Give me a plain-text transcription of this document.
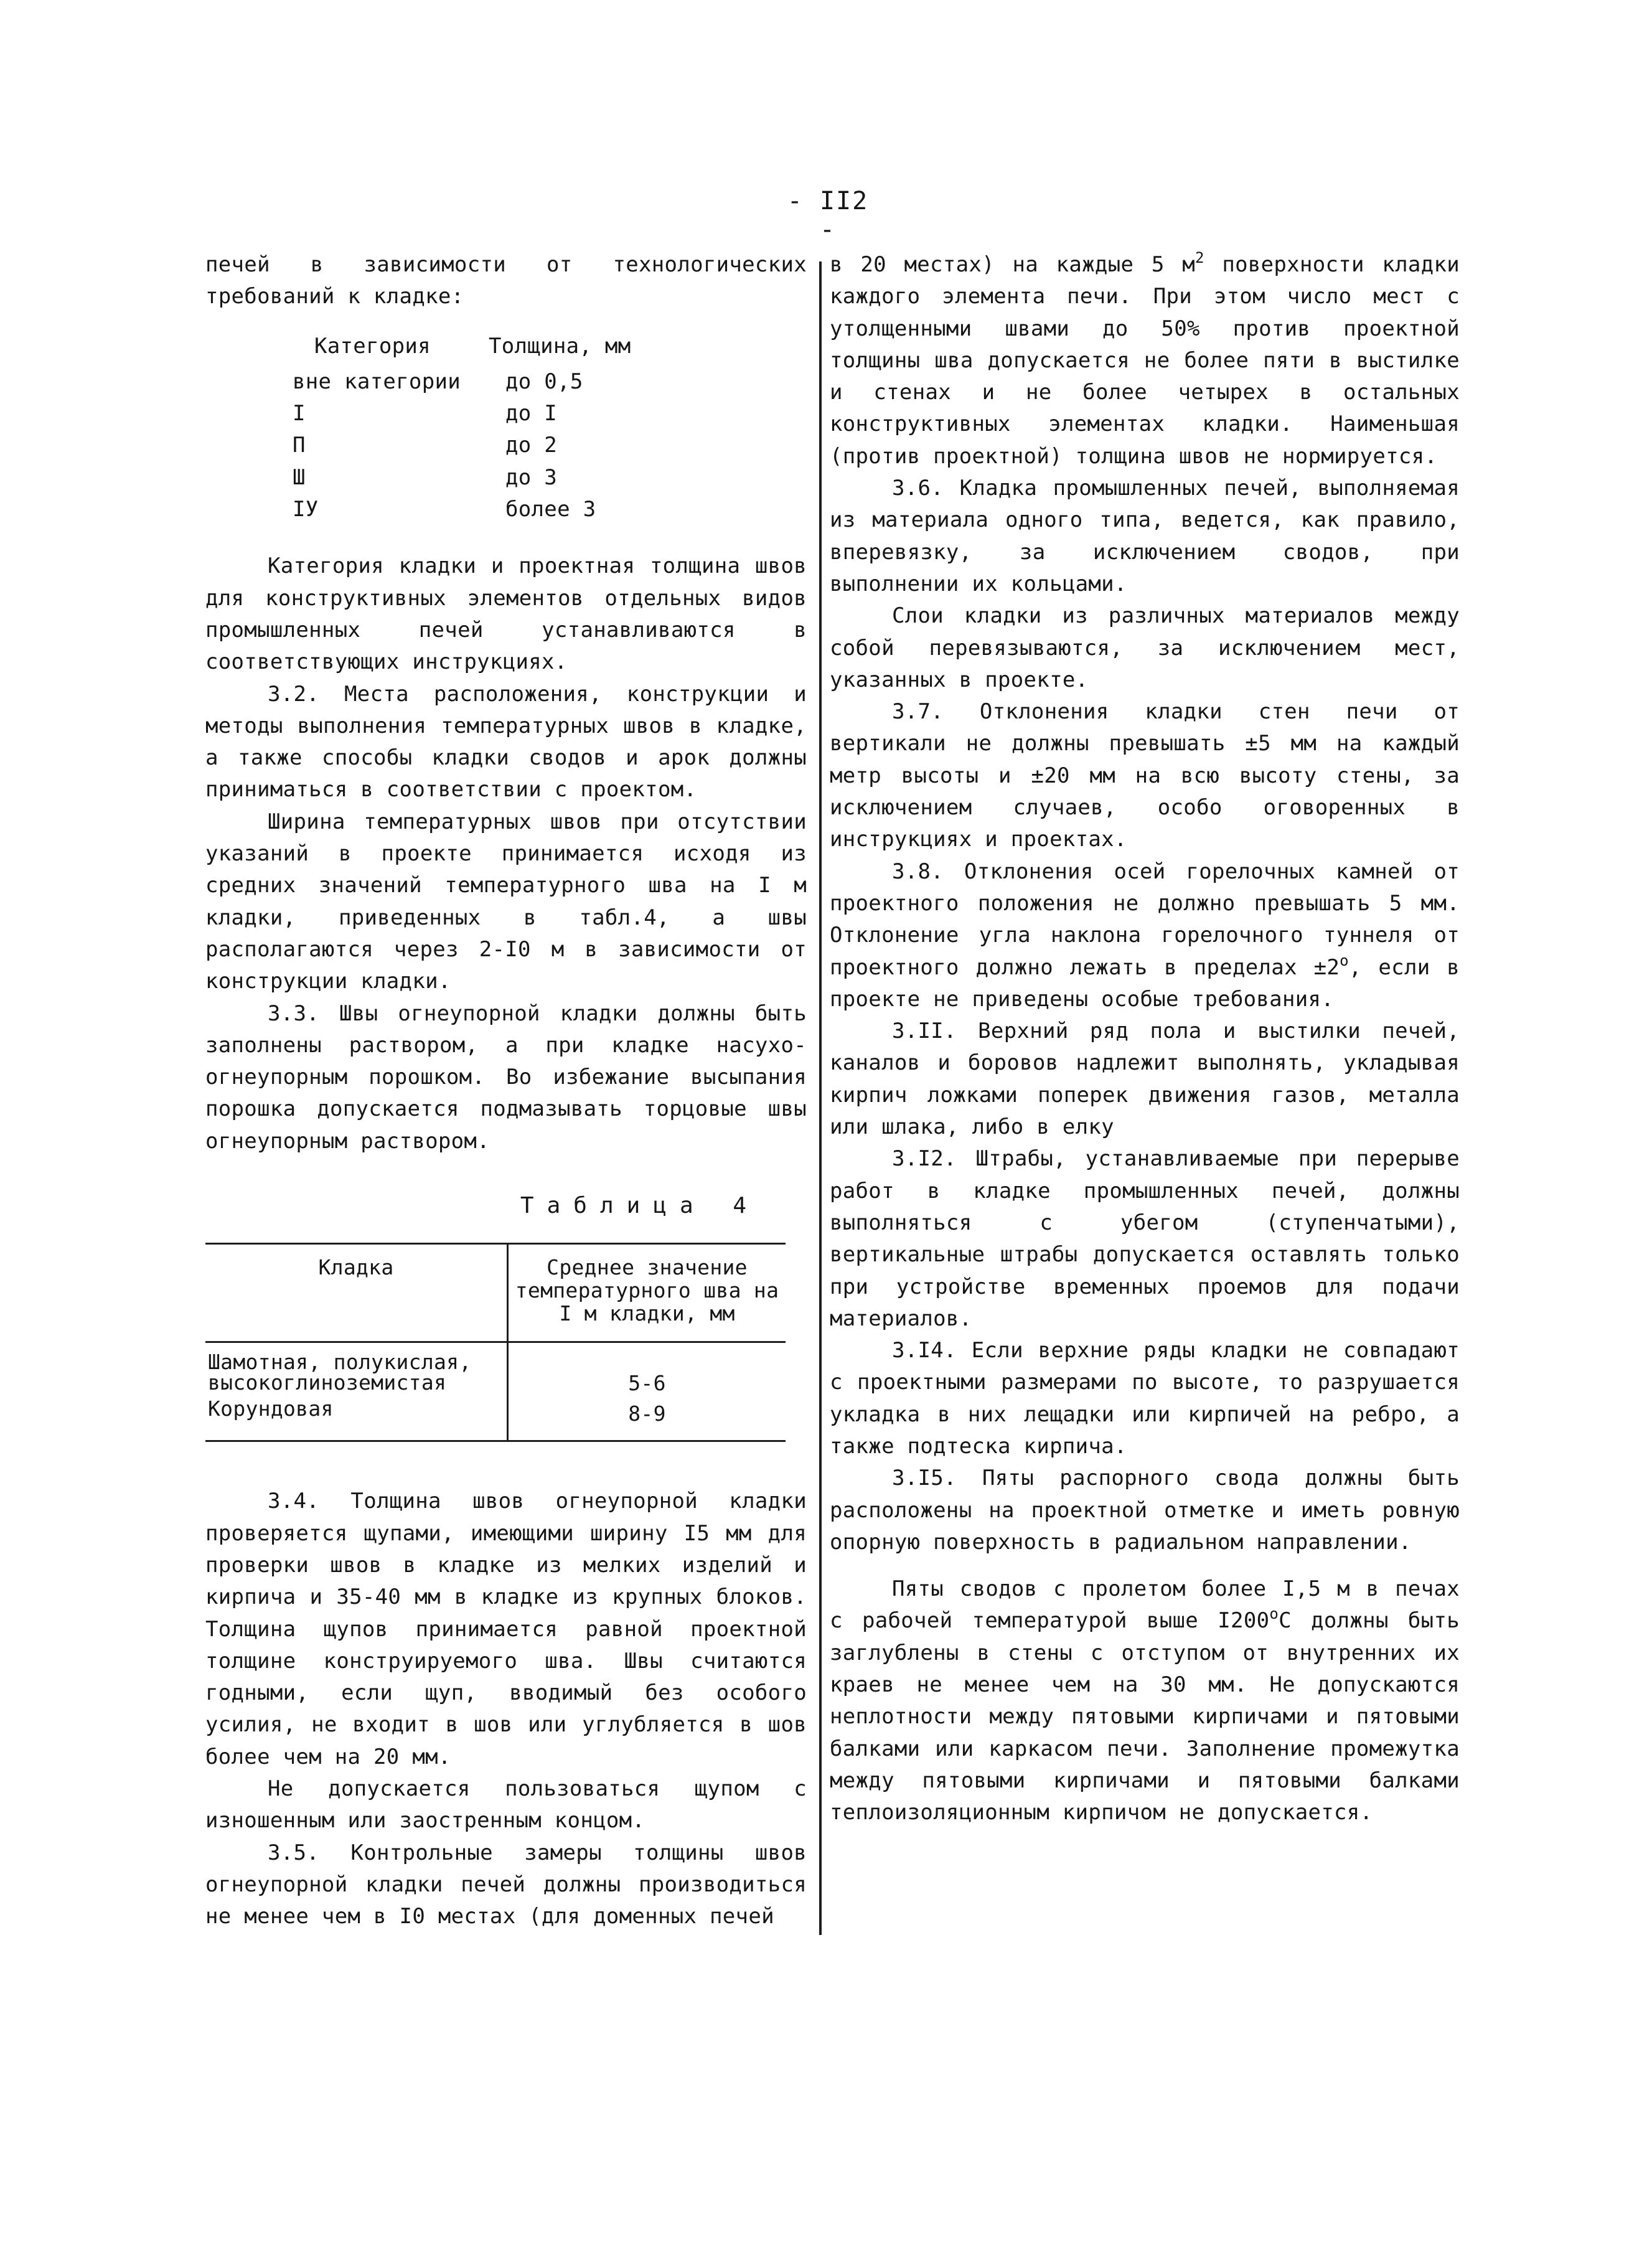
- II2 -

печей в зависимости от технологических требований к кладке:

Категория	Толщина, мм
вне категории	до 0,5
I	до I
П	до 2
Ш	до 3
IУ	более 3

Категория кладки и проектная толщина швов для конструктивных элементов отдельных видов промышленных печей устанавливаются в соответствующих инструкциях.

3.2. Места расположения, конструкции и методы выполнения температурных швов в кладке, а также способы кладки сводов и арок должны приниматься в соответствии с проектом.

Ширина температурных швов при отсутствии указаний в проекте принимается исходя из средних значений температурного шва на I м кладки, приведенных в табл.4, а швы располагаются через 2-I0 м в зависимости от конструкции кладки.

3.3. Швы огнеупорной кладки должны быть заполнены раствором, а при кладке насухо-огнеупорным порошком. Во избежание высыпания порошка допускается подмазывать торцовые швы огнеупорным раствором.

Таблица 4
Кладка	Среднее значение температурного шва на I м кладки, мм
Шамотная, полукислая, высокоглиноземистая	5-6
Корундовая	8-9

3.4. Толщина швов огнеупорной кладки проверяется щупами, имеющими ширину I5 мм для проверки швов в кладке из мелких изделий и кирпича и 35-40 мм в кладке из крупных блоков. Толщина щупов принимается равной проектной толщине конструируемого шва. Швы считаются годными, если щуп, вводимый без особого усилия, не входит в шов или углубляется в шов более чем на 20 мм.

Не допускается пользоваться щупом с изношенным или заостренным концом.

3.5. Контрольные замеры толщины швов огнеупорной кладки печей должны производиться не менее чем в I0 местах (для доменных печей

в 20 местах) на каждые 5 $м^2$ поверхности кладки каждого элемента печи. При этом число мест с утолщенными швами до 50% против проектной толщины шва допускается не более пяти в выстилке и стенах и не более четырех в остальных конструктивных элементах кладки. Наименьшая (против проектной) толщина швов не нормируется.

3.6. Кладка промышленных печей, выполняемая из материала одного типа, ведется, как правило, вперевязку, за исключением сводов, при выполнении их кольцами.

Слои кладки из различных материалов между собой перевязываются, за исключением мест, указанных в проекте.

3.7. Отклонения кладки стен печи от вертикали не должны превышать ±5 мм на каждый метр высоты и ±20 мм на всю высоту стены, за исключением случаев, особо оговоренных в инструкциях и проектах.

3.8. Отклонения осей горелочных камней от проектного положения не должно превышать 5 мм. Отклонение угла наклона горелочного туннеля от проектного должно лежать в пределах $\pm 2^o$, если в проекте не приведены особые требования.

3.II. Верхний ряд пола и выстилки печей, каналов и боровов надлежит выполнять, укладывая кирпич ложками поперек движения газов, металла или шлака, либо в елку

3.I2. Штрабы, устанавливаемые при перерыве работ в кладке промышленных печей, должны выполняться с убегом (ступенчатыми), вертикальные штрабы допускается оставлять только при устройстве временных проемов для подачи материалов.

3.I4. Если верхние ряды кладки не совпадают с проектными размерами по высоте, то разрушается укладка в них лещадки или кирпичей на ребро, а также подтеска кирпича.

3.I5. Пяты распорного свода должны быть расположены на проектной отметке и иметь ровную опорную поверхность в радиальном направлении.

Пяты сводов с пролетом более I,5 м в печах с рабочей температурой выше I200$^o$С должны быть заглублены в стены с отступом от внутренних их краев не менее чем на 30 мм. Не допускаются неплотности между пятовыми кирпичами и пятовыми балками или каркасом печи. Заполнение промежутка между пятовыми кирпичами и пятовыми балками теплоизоляционным кирпичом не допускается.
